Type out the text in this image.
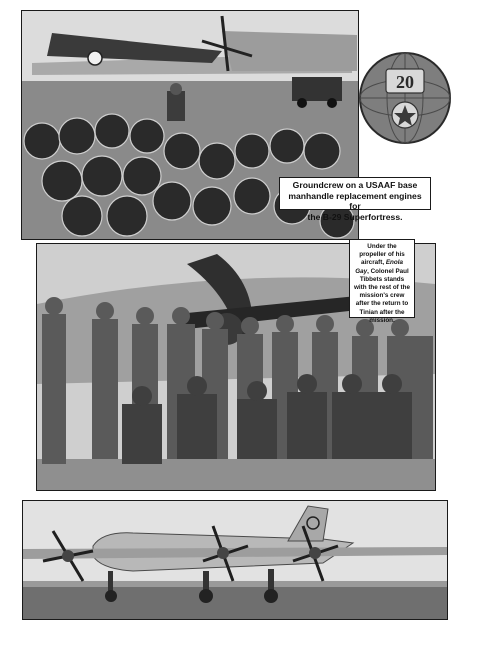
Groundcrew on a USAAF base
manhandle replacement engines for
the B-29 Superfortress.
20
Under the
propeller of his
aircraft, Enola
Gay, Colonel Paul
Tibbets stands
with the rest of the
mission's crew
after the return to
Tinian after the
mission.
